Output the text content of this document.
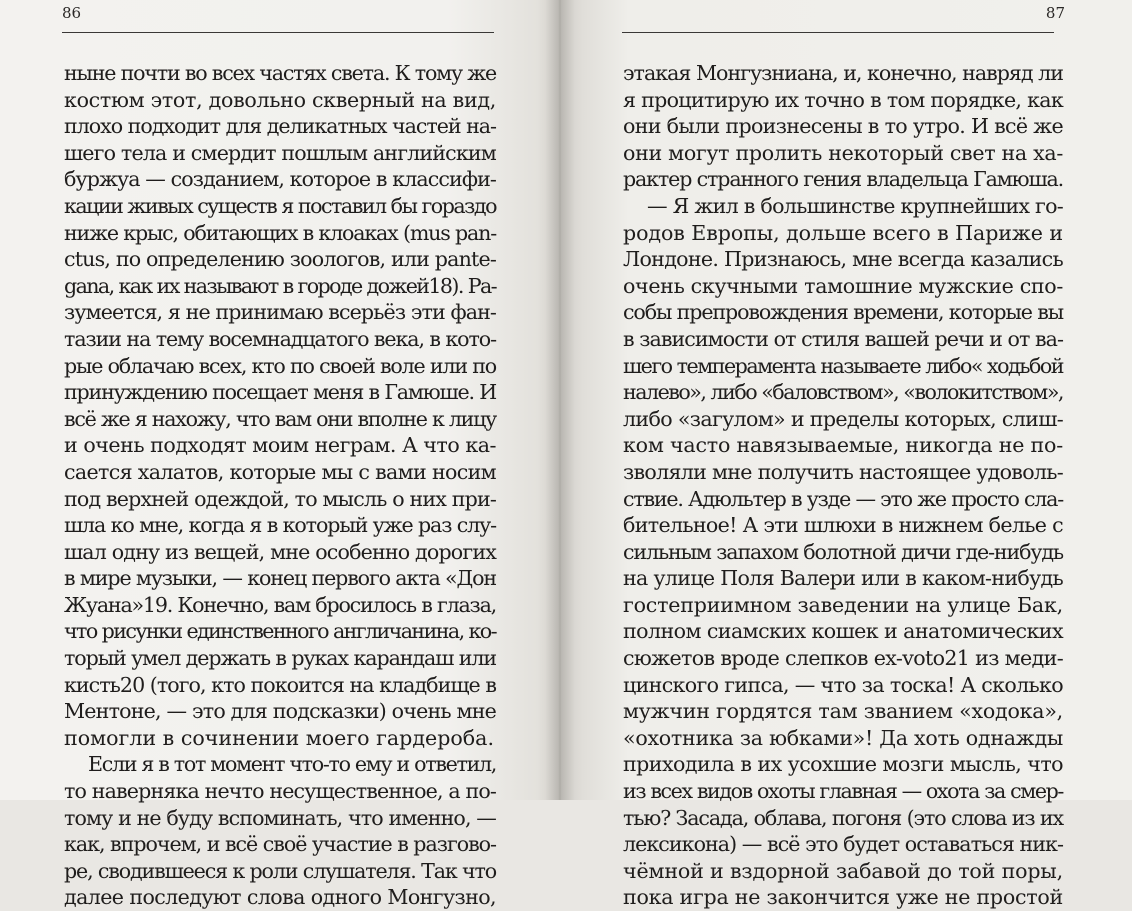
86
ныне почти во всех частях света. К тому же
костюм этот, довольно скверный на вид,
плохо подходит для деликатных частей на-
шего тела и смердит пошлым английским
буржуа — созданием, которое в классифи-
кации живых существ я поставил бы гораздо
ниже крыс, обитающих в клоаках (mus pan-
ctus, по определению зоологов, или pante-
gana, как их называют в городе дожей18). Ра-
зумеется, я не принимаю всерьёз эти фан-
тазии на тему восемнадцатого века, в кото-
рые облачаю всех, кто по своей воле или по
принуждению посещает меня в Гамюше. И
всё же я нахожу, что вам они вполне к лицу
и очень подходят моим неграм. А что ка-
сается халатов, которые мы с вами носим
под верхней одеждой, то мысль о них при-
шла ко мне, когда я в который уже раз слу-
шал одну из вещей, мне особенно дорогих
в мире музыки, — конец первого акта «Дон
Жуана»19. Конечно, вам бросилось в глаза,
что рисунки единственного англичанина, ко-
торый умел держать в руках карандаш или
кисть20 (того, кто покоится на кладбище в
Ментоне, — это для подсказки) очень мне
помогли в сочинении моего гардероба.
Если я в тот момент что-то ему и ответил,
то наверняка нечто несущественное, а по-
тому и не буду вспоминать, что именно, —
как, впрочем, и всё своё участие в разгово-
ре, сводившееся к роли слушателя. Так что
далее последуют слова одного Монгузно,
87
этакая Монгузниана, и, конечно, навряд ли
я процитирую их точно в том порядке, как
они были произнесены в то утро. И всё же
они могут пролить некоторый свет на ха-
рактер странного гения владельца Гамюша.
— Я жил в большинстве крупнейших го-
родов Европы, дольше всего в Париже и
Лондоне. Признаюсь, мне всегда казались
очень скучными тамошние мужские спо-
собы препровождения времени, которые вы
в зависимости от стиля вашей речи и от ва-
шего темперамента называете либо« ходьбой
налево», либо «баловством», «волокитством»,
либо «загулом» и пределы которых, слиш-
ком часто навязываемые, никогда не по-
зволяли мне получить настоящее удоволь-
ствие. Адюльтер в узде — это же просто сла-
бительное! А эти шлюхи в нижнем белье с
сильным запахом болотной дичи где-нибудь
на улице Поля Валери или в каком-нибудь
гостеприимном заведении на улице Бак,
полном сиамских кошек и анатомических
сюжетов вроде слепков ex-voto21 из меди-
цинского гипса, — что за тоска! А сколько
мужчин гордятся там званием «ходока»,
«охотника за юбками»! Да хоть однажды
приходила в их усохшие мозги мысль, что
из всех видов охоты главная — охота за смер-
тью? Засада, облава, погоня (это слова из их
лексикона) — всё это будет оставаться ник-
чёмной и вздорной забавой до той поры,
пока игра не закончится уже не простой
